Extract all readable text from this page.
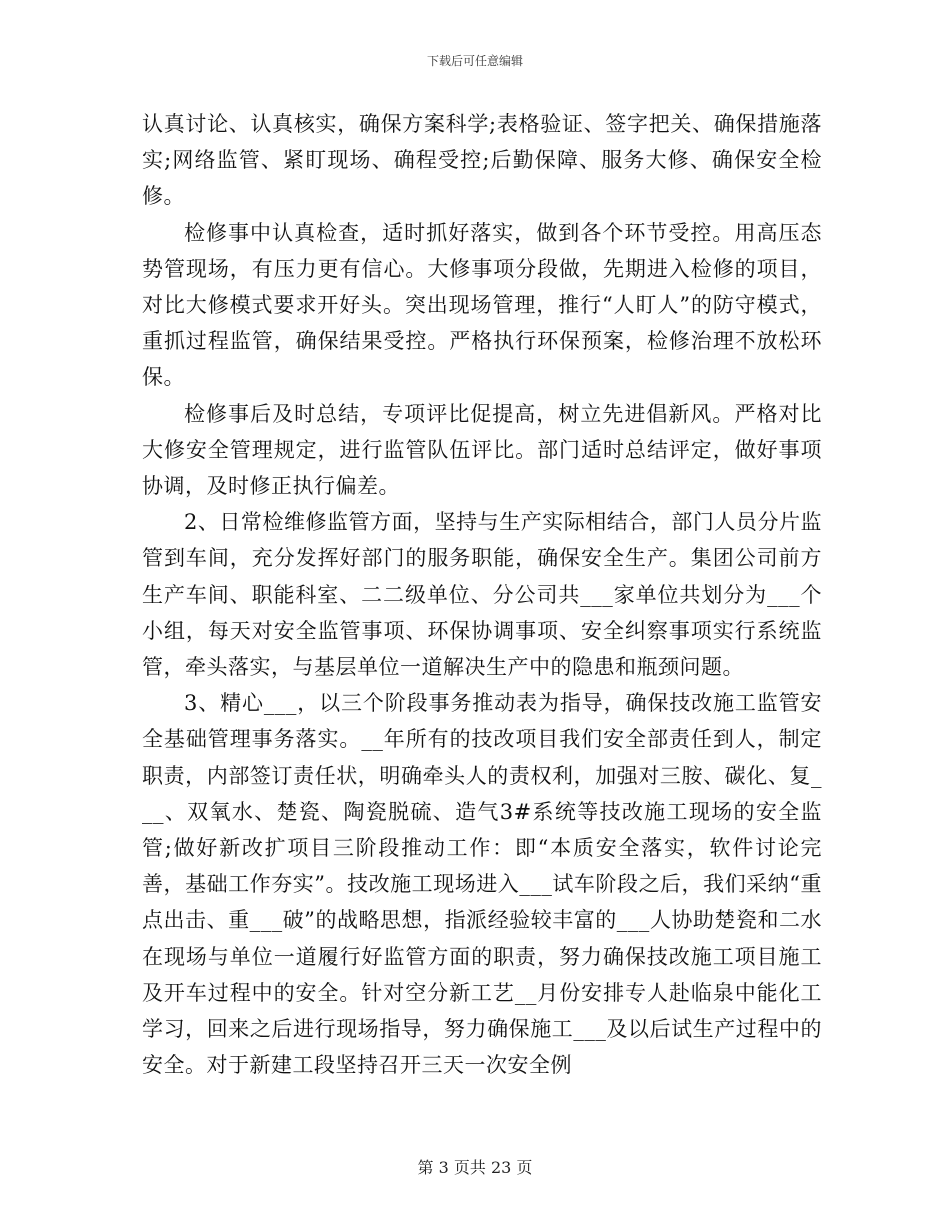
下载后可任意编辑

认真讨论、认真核实，确保方案科学;表格验证、签字把关、确保措施落实;网络监管、紧盯现场、确程受控;后勤保障、服务大修、确保安全检修。

检修事中认真检查，适时抓好落实，做到各个环节受控。用高压态势管现场，有压力更有信心。大修事项分段做，先期进入检修的项目，对比大修模式要求开好头。突出现场管理，推行“人盯人”的防守模式，重抓过程监管，确保结果受控。严格执行环保预案，检修治理不放松环保。

检修事后及时总结，专项评比促提高，树立先进倡新风。严格对比大修安全管理规定，进行监管队伍评比。部门适时总结评定，做好事项协调，及时修正执行偏差。

2、日常检维修监管方面，坚持与生产实际相结合，部门人员分片监管到车间，充分发挥好部门的服务职能，确保安全生产。集团公司前方生产车间、职能科室、二二级单位、分公司共___家单位共划分为___个小组，每天对安全监管事项、环保协调事项、安全纠察事项实行系统监管，牵头落实，与基层单位一道解决生产中的隐患和瓶颈问题。

3、精心___，以三个阶段事务推动表为指导，确保技改施工监管安全基础管理事务落实。__年所有的技改项目我们安全部责任到人，制定职责，内部签订责任状，明确牵头人的责权利，加强对三胺、碳化、复___、双氧水、楚瓷、陶瓷脱硫、造气3#系统等技改施工现场的安全监管;做好新改扩项目三阶段推动工作：即“本质安全落实，软件讨论完善，基础工作夯实”。技改施工现场进入___试车阶段之后，我们采纳“重点出击、重___破”的战略思想，指派经验较丰富的___人协助楚瓷和二水在现场与单位一道履行好监管方面的职责，努力确保技改施工项目施工及开车过程中的安全。针对空分新工艺__月份安排专人赴临泉中能化工学习，回来之后进行现场指导，努力确保施工___及以后试生产过程中的安全。对于新建工段坚持召开三天一次安全例

第 3 页共 23 页
